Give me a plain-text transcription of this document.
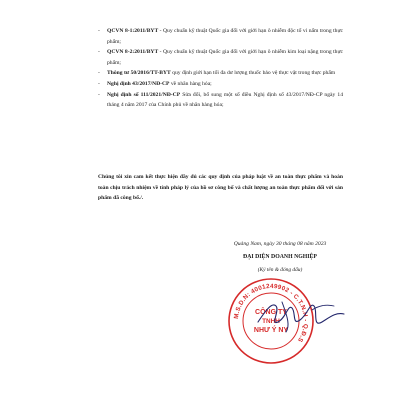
- QCVN 8-1:2011/BYT - Quy chuẩn kỹ thuật Quốc gia đối với giới hạn ô nhiễm độc tố vi nấm trong thực phẩm;
- QCVN 8-2:2011/BYT - Quy chuẩn kỹ thuật Quốc gia đối với giới hạn ô nhiễm kim loại nặng trong thực phẩm;
- Thông tư 50/2016/TT-BYT quy định giới hạn tối đa dư lượng thuốc bảo vệ thực vật trong thực phẩm
- Nghị định 43/2017/NĐ-CP về nhãn hàng hóa;
- Nghị định số 111/2021/NĐ-CP Sửa đổi, bổ sung một số điều Nghị định số 43/2017/NĐ-CP ngày 14 tháng 4 năm 2017 của Chính phủ về nhãn hàng hóa;

Chúng tôi xin cam kết thực hiện đầy đủ các quy định của pháp luật về an toàn thực phẩm và hoàn toàn chịu trách nhiệm về tính pháp lý của hồ sơ công bố và chất lượng an toàn thực phẩm đối với sản phẩm đã công bố./.

Quảng Nam, ngày 30 tháng 08 năm 2023
ĐẠI DIỆN DOANH NGHIỆP
(Ký tên & đóng dấu)
M.S.D.N: 4001249902 - C.T.N.H - Q.Đ.S
CÔNG TY
TNHH
NHƯ Ý NY
